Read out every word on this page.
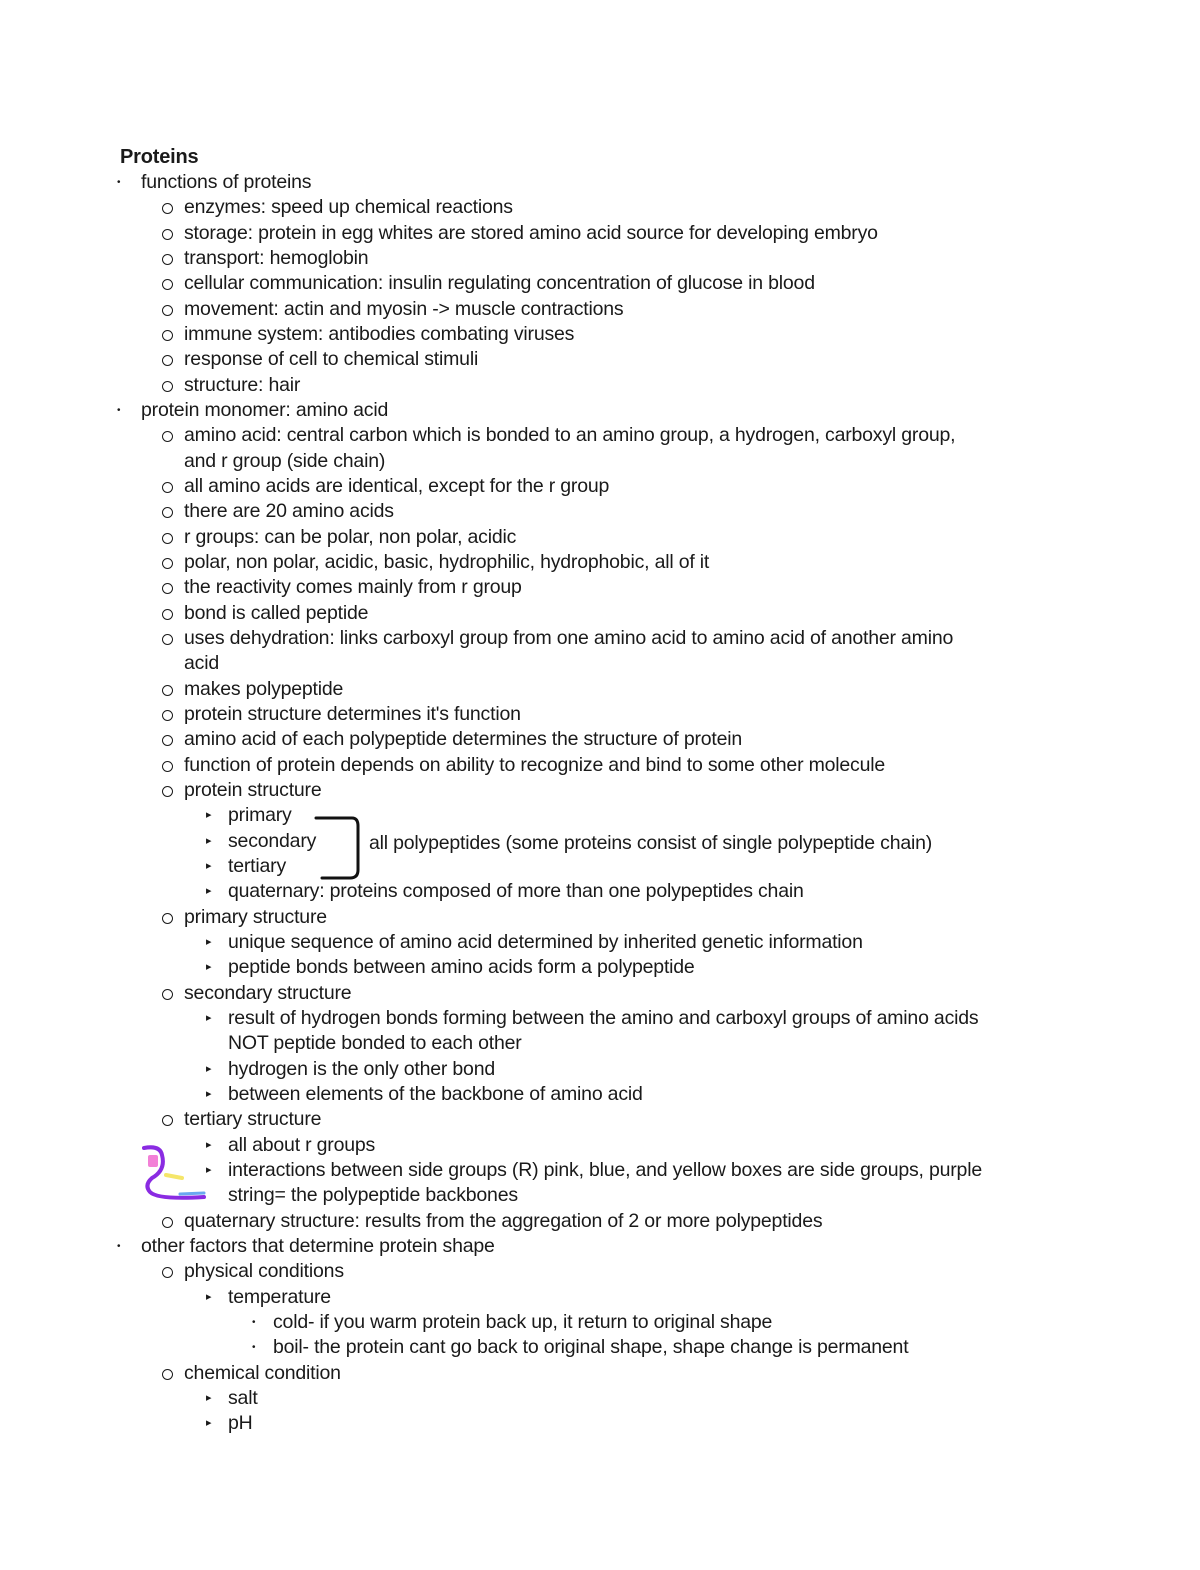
Proteins
• functions of proteins
enzymes: speed up chemical reactions
storage: protein in egg whites are stored amino acid source for developing embryo
transport: hemoglobin
cellular communication: insulin regulating concentration of glucose in blood
movement: actin and myosin -> muscle contractions
immune system: antibodies combating viruses
response of cell to chemical stimuli
structure: hair
• protein monomer: amino acid
amino acid: central carbon which is bonded to an amino group, a hydrogen, carboxyl group,
and r group (side chain)
all amino acids are identical, except for the r group
there are 20 amino acids
r groups: can be polar, non polar, acidic
polar, non polar, acidic, basic, hydrophilic, hydrophobic, all of it
the reactivity comes mainly from r group
bond is called peptide
uses dehydration: links carboxyl group from one amino acid to amino acid of another amino
acid
makes polypeptide
protein structure determines it's function
amino acid of each polypeptide determines the structure of protein
function of protein depends on ability to recognize and bind to some other molecule
protein structure
▸ primary
▸ secondary
▸ tertiary
▸ quaternary: proteins composed of more than one polypeptides chain
primary structure
▸ unique sequence of amino acid determined by inherited genetic information
▸ peptide bonds between amino acids form a polypeptide
secondary structure
▸ result of hydrogen bonds forming between the amino and carboxyl groups of amino acids
NOT peptide bonded to each other
▸ hydrogen is the only other bond
▸ between elements of the backbone of amino acid
tertiary structure
▸ all about r groups
▸ interactions between side groups (R) pink, blue, and yellow boxes are side groups, purple
string= the polypeptide backbones
quaternary structure: results from the aggregation of 2 or more polypeptides
• other factors that determine protein shape
physical conditions
▸ temperature
• cold- if you warm protein back up, it return to original shape
• boil- the protein cant go back to original shape, shape change is permanent
chemical condition
▸ salt
▸ pH
all polypeptides (some proteins consist of single polypeptide chain)
